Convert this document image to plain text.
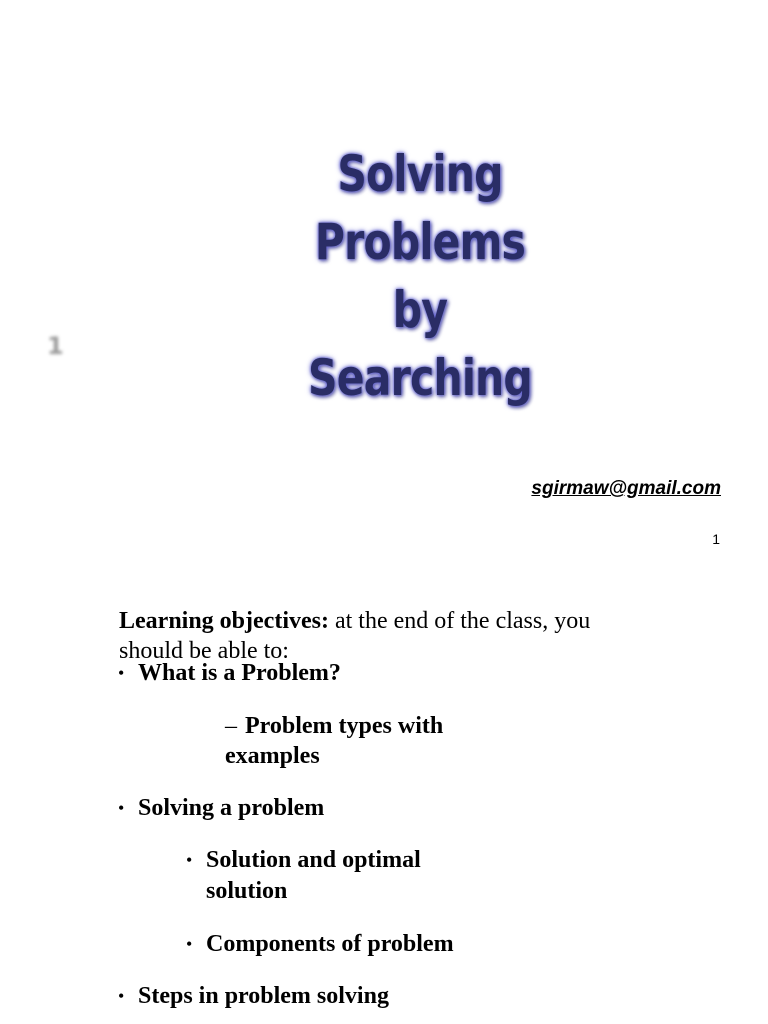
Solving Problems
by
Searching
1
sgirmaw@gmail.com
1
Learning objectives: at the end of the class, you should be able to:
• What is a Problem?
– Problem types with
examples
• Solving a problem
• Solution and optimal
solution
• Components of problem
• Steps in problem solving
